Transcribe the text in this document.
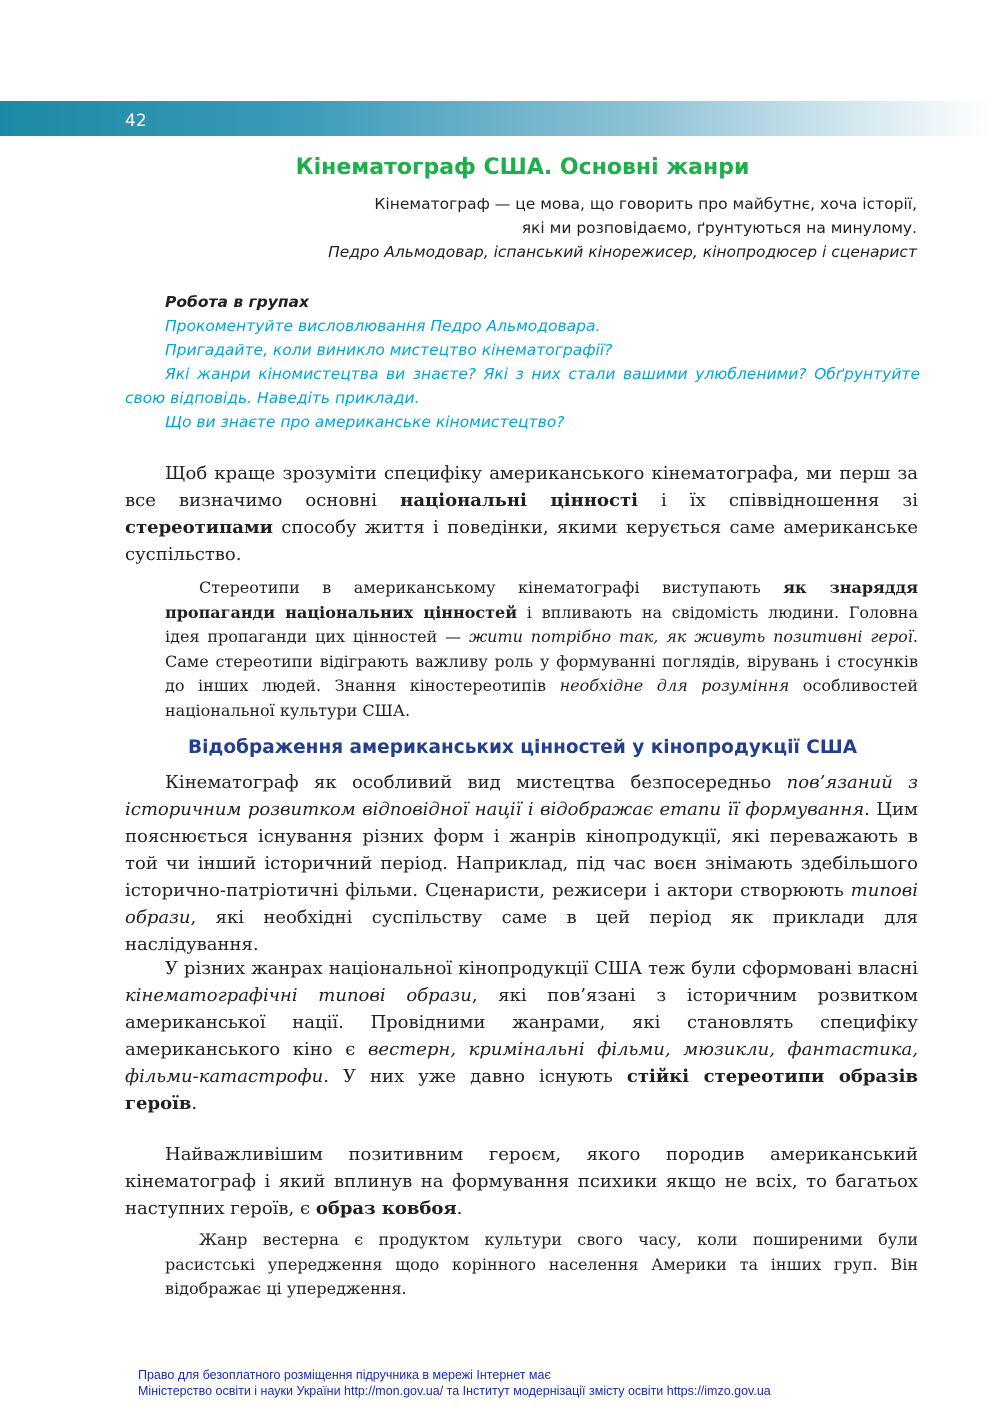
42
Кінематограф США. Основні жанри
Кінематограф — це мова, що говорить про майбутнє, хоча історії,
які ми розповідаємо, ґрунтуються на минулому.
Педро Альмодовар, іспанський кінорежисер, кінопродюсер і сценарист
Робота в групах
Прокоментуйте висловлювання Педро Альмодовара.
Пригадайте, коли виникло мистецтво кінематографії?
Які жанри кіномистецтва ви знаєте? Які з них стали вашими улюбленими? Обґрунтуйте свою відповідь. Наведіть приклади.
Що ви знаєте про американське кіномистецтво?
Щоб краще зрозуміти специфіку американського кінематографа, ми перш за все визначимо основні національні цінності і їх співвідношення зі стереотипами способу життя і поведінки, якими керується саме американське суспільство.
Стереотипи в американському кінематографі виступають як знаряддя пропаганди національних цінностей і впливають на свідомість людини. Головна ідея пропаганди цих цінностей — жити потрібно так, як живуть позитивні герої. Саме стереотипи відіграють важливу роль у формуванні поглядів, вірувань і стосунків до інших людей. Знання кіностереотипів необхідне для розуміння особливостей національної культури США.
Відображення американських цінностей у кінопродукції США
Кінематограф як особливий вид мистецтва безпосередньо пов’язаний з історичним розвитком відповідної нації і відображає етапи її формування. Цим пояснюється існування різних форм і жанрів кінопродукції, які переважають в той чи інший історичний період. Наприклад, під час воєн знімають здебільшого історично-патріотичні фільми. Сценаристи, режисери і актори створюють типові образи, які необхідні суспільству саме в цей період як приклади для наслідування.
У різних жанрах національної кінопродукції США теж були сформовані власні кінематографічні типові образи, які пов’язані з історичним розвитком американської нації. Провідними жанрами, які становлять специфіку американського кіно є вестерн, кримінальні фільми, мюзикли, фантастика, фільми-катастрофи. У них уже давно існують стійкі стереотипи образів героїв.
Найважливішим позитивним героєм, якого породив американський кінематограф і який вплинув на формування психики якщо не всіх, то багатьох наступних героїв, є образ ковбоя.
Жанр вестерна є продуктом культури свого часу, коли поширеними були расистські упередження щодо корінного населення Америки та інших груп. Він відображає ці упередження.
Право для безоплатного розміщення підручника в мережі Інтернет має
Міністерство освіти і науки України http://mon.gov.ua/ та Інститут модернізації змісту освіти https://imzo.gov.ua
